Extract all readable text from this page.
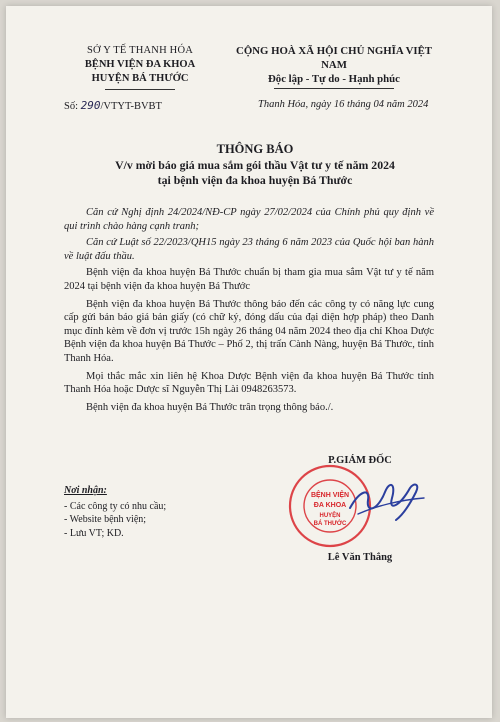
SỞ Y TẾ THANH HÓA
BỆNH VIỆN ĐA KHOA
HUYỆN BÁ THƯỚC
CỘNG HOÀ XÃ HỘI CHỦ NGHĨA VIỆT NAM
Độc lập - Tự do - Hạnh phúc
Số: 290/VTYT-BVBT	Thanh Hóa, ngày 16 tháng 04 năm 2024
THÔNG BÁO
V/v mời báo giá mua sắm gói thầu Vật tư y tế năm 2024
tại bệnh viện đa khoa huyện Bá Thước

Căn cứ Nghị định 24/2024/NĐ-CP ngày 27/02/2024 của Chính phủ quy định về qui trình chào hàng cạnh tranh;

Căn cứ Luật số 22/2023/QH15 ngày 23 tháng 6 năm 2023 của Quốc hội ban hành về luật đấu thầu.

Bệnh viện đa khoa huyện Bá Thước chuẩn bị tham gia mua sắm Vật tư y tế năm 2024 tại bệnh viện đa khoa huyện Bá Thước

Bệnh viện đa khoa huyện Bá Thước thông báo đến các công ty có năng lực cung cấp gửi bản báo giá bản giấy (có chữ ký, đóng dấu của đại diện hợp pháp) theo Danh mục đính kèm về đơn vị trước 15h ngày 26 tháng 04 năm 2024 theo địa chỉ Khoa Dược Bệnh viện đa khoa huyện Bá Thước – Phố 2, thị trấn Cành Nàng, huyện Bá Thước, tỉnh Thanh Hóa.

Mọi thắc mắc xin liên hệ Khoa Dược Bệnh viện đa khoa huyện Bá Thước tỉnh Thanh Hóa hoặc Dược sĩ Nguyễn Thị Lài 0948263573.

Bệnh viện đa khoa huyện Bá Thước trân trọng thông báo./.

Nơi nhận:
- Các công ty có nhu cầu;
- Website bệnh viện;
- Lưu VT; KD.
P.GIÁM ĐỐC
BỆNH VIỆN
ĐA KHOA
HUYỆN
BÁ THƯỚC
Lê Văn Thắng
